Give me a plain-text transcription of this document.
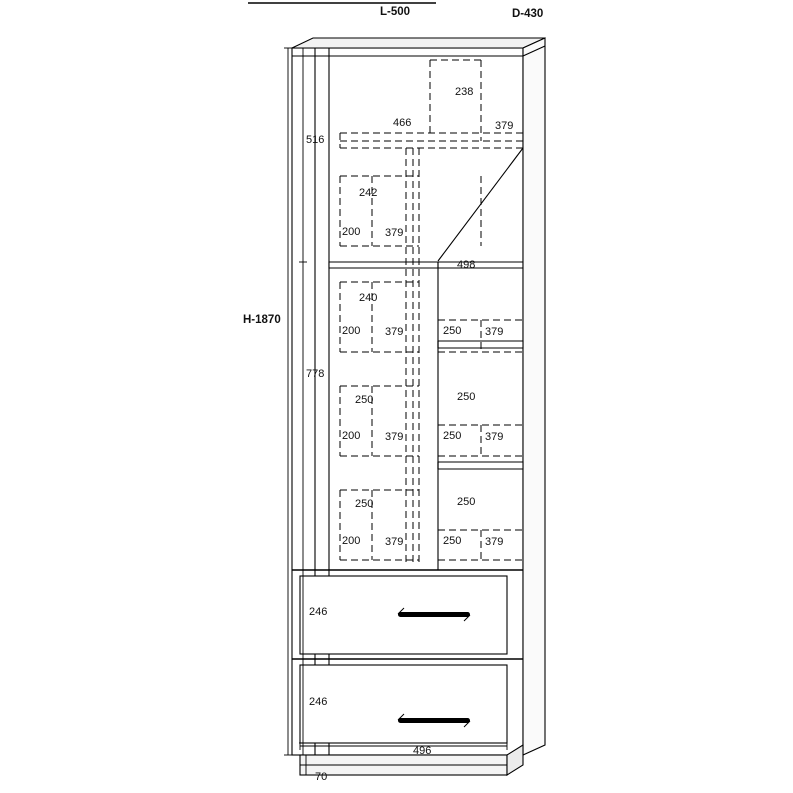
L-500	D-430
H-1870
238
466	379
516
242
200 379
498
240
200 379	250 379
778
250	250
200 379	250 379
250	250
200 379	250 379
246
246
496
70
